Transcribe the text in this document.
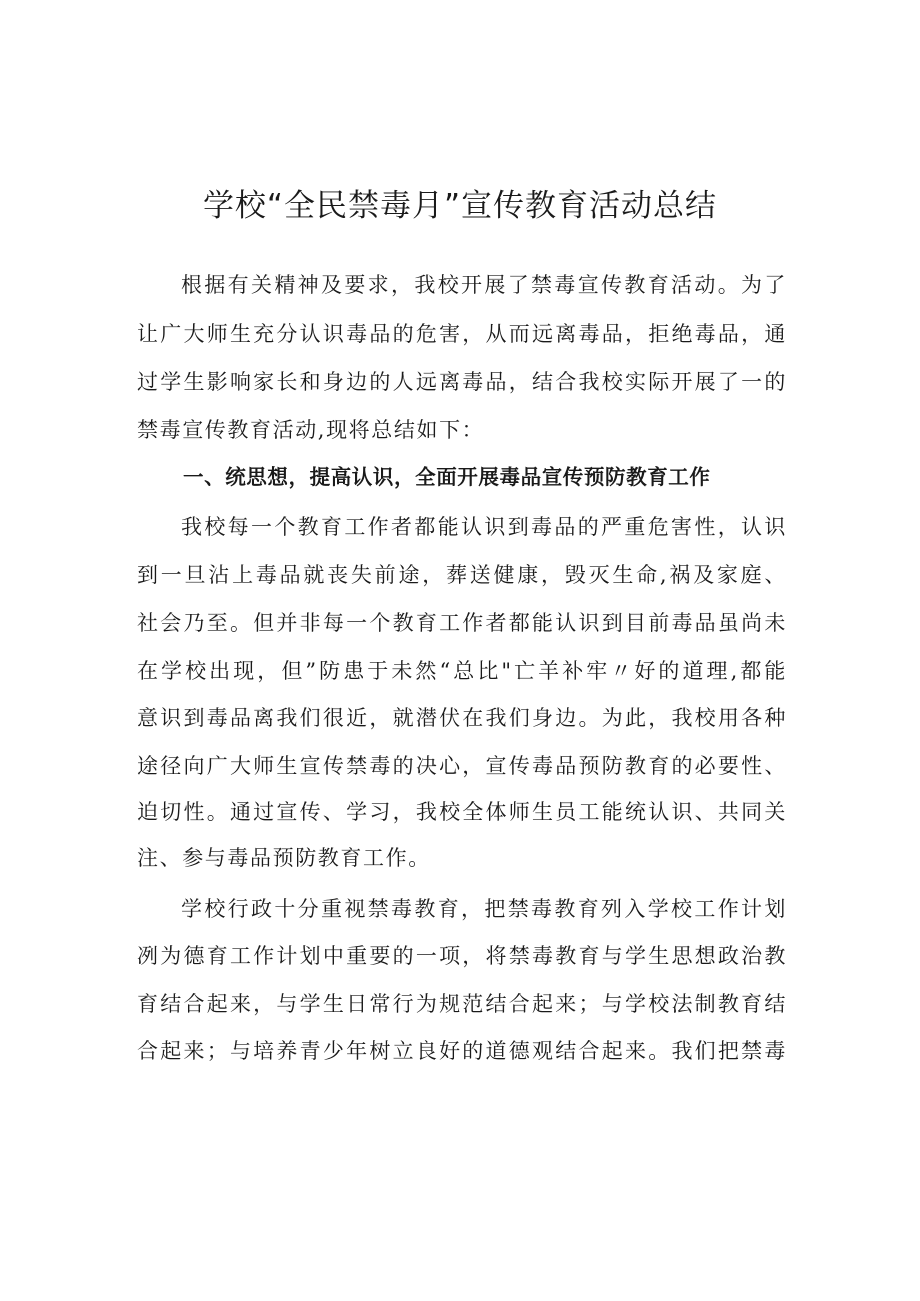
学校“全民禁毒月”宣传教育活动总结
根据有关精神及要求，我校开展了禁毒宣传教育活动。为了
让广大师生充分认识毒品的危害，从而远离毒品，拒绝毒品，通
过学生影响家长和身边的人远离毒品，结合我校实际开展了一的
禁毒宣传教育活动,现将总结如下：
一、统思想，提高认识，全面开展毒品宣传预防教育工作
我校每一个教育工作者都能认识到毒品的严重危害性，认识
到一旦沾上毒品就丧失前途，葬送健康，毁灭生命,祸及家庭、
社会乃至。但并非每一个教育工作者都能认识到目前毒品虽尚未
在学校出现，但”防患于未然“总比"亡羊补牢〃好的道理,都能
意识到毒品离我们很近，就潜伏在我们身边。为此，我校用各种
途径向广大师生宣传禁毒的决心，宣传毒品预防教育的必要性、
迫切性。通过宣传、学习，我校全体师生员工能统认识、共同关
注、参与毒品预防教育工作。
学校行政十分重视禁毒教育，把禁毒教育列入学校工作计划
冽为德育工作计划中重要的一项，将禁毒教育与学生思想政治教
育结合起来，与学生日常行为规范结合起来；与学校法制教育结
合起来；与培养青少年树立良好的道德观结合起来。我们把禁毒
